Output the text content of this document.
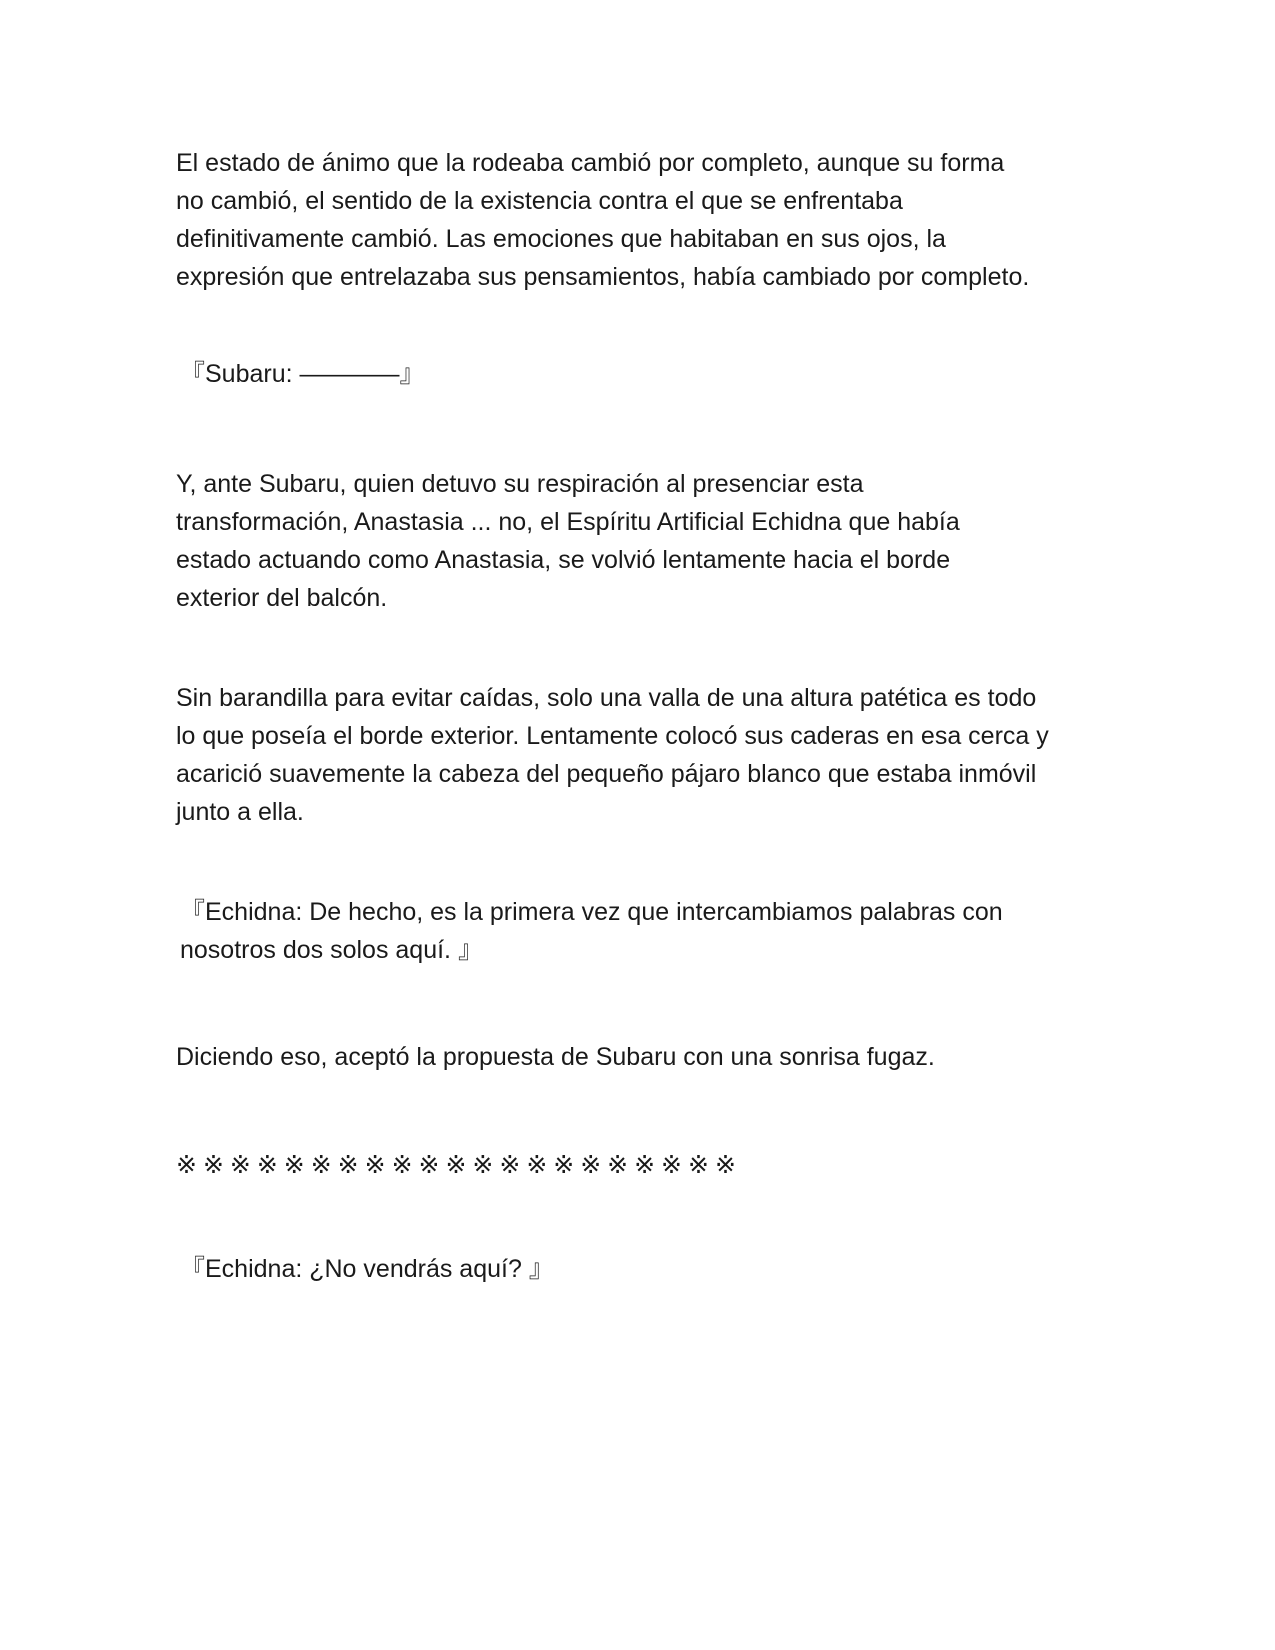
El estado de ánimo que la rodeaba cambió por completo, aunque su forma
no cambió, el sentido de la existencia contra el que se enfrentaba
definitivamente cambió. Las emociones que habitaban en sus ojos, la
expresión que entrelazaba sus pensamientos, había cambiado por completo.

『Subaru: ————』

Y, ante Subaru, quien detuvo su respiración al presenciar esta
transformación, Anastasia ... no, el Espíritu Artificial Echidna que había
estado actuando como Anastasia, se volvió lentamente hacia el borde
exterior del balcón.

Sin barandilla para evitar caídas, solo una valla de una altura patética es todo
lo que poseía el borde exterior. Lentamente colocó sus caderas en esa cerca y
acarició suavemente la cabeza del pequeño pájaro blanco que estaba inmóvil
junto a ella.

『Echidna: De hecho, es la primera vez que intercambiamos palabras con
nosotros dos solos aquí. 』

Diciendo eso, aceptó la propuesta de Subaru con una sonrisa fugaz.

※※※※※※※※※※※※※※※※※※※※※

『Echidna: ¿No vendrás aquí? 』
